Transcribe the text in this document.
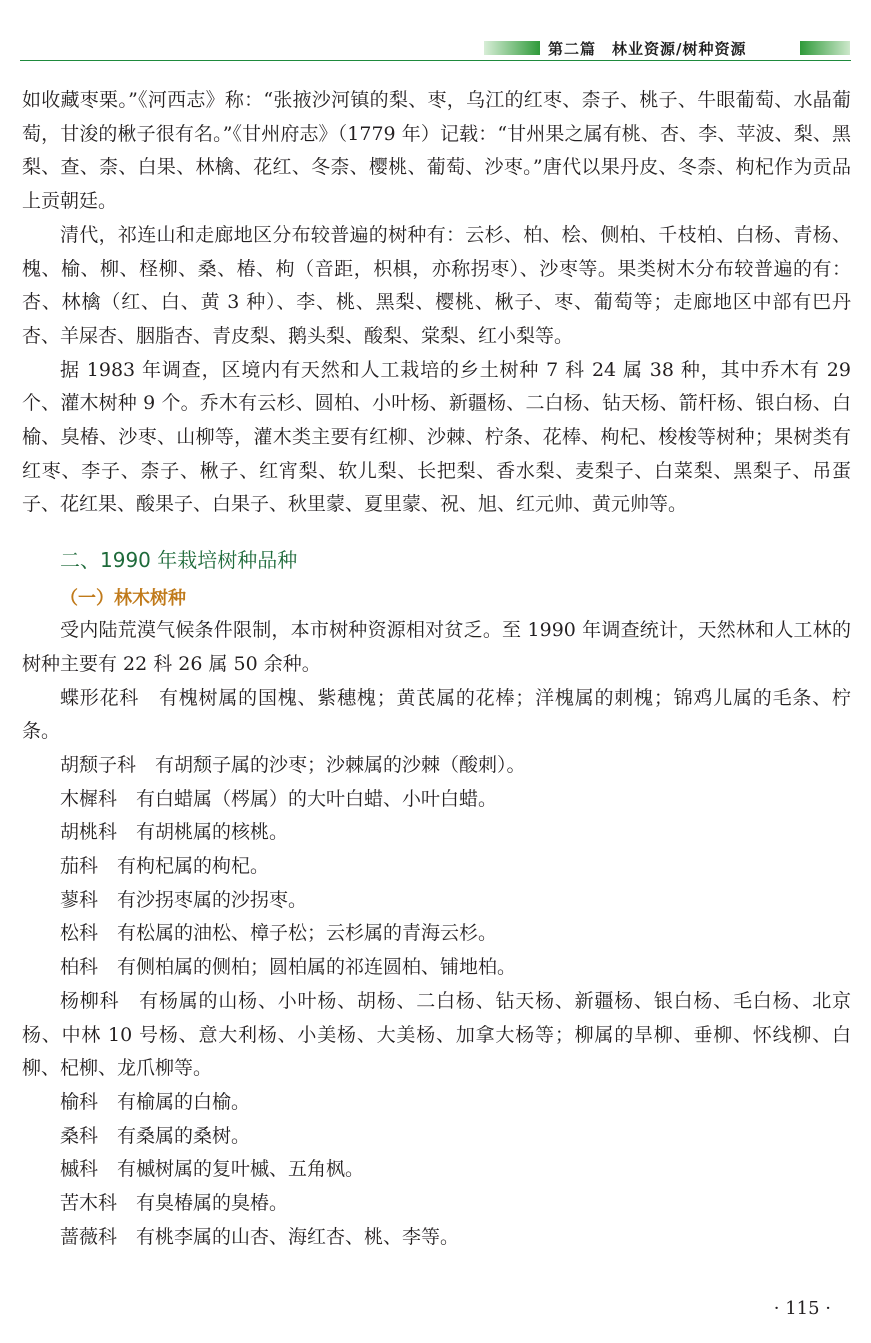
第二篇　林业资源/树种资源

如收藏枣栗。”《河西志》称：“张掖沙河镇的梨、枣，乌江的红枣、柰子、桃子、牛眼葡萄、水晶葡萄，甘浚的楸子很有名。”《甘州府志》（1779 年）记载：“甘州果之属有桃、杏、李、苹波、梨、黑梨、查、柰、白果、林檎、花红、冬柰、樱桃、葡萄、沙枣。”唐代以果丹皮、冬柰、枸杞作为贡品上贡朝廷。

清代，祁连山和走廊地区分布较普遍的树种有：云杉、柏、桧、侧柏、千枝柏、白杨、青杨、槐、榆、柳、柽柳、桑、椿、枸（音距，枳椇，亦称拐枣）、沙枣等。果类树木分布较普遍的有：杏、林檎（红、白、黄 3 种）、李、桃、黑梨、樱桃、楸子、枣、葡萄等；走廊地区中部有巴丹杏、羊屎杏、胭脂杏、青皮梨、鹅头梨、酸梨、棠梨、红小梨等。

据 1983 年调查，区境内有天然和人工栽培的乡土树种 7 科 24 属 38 种，其中乔木有 29 个、灌木树种 9 个。乔木有云杉、圆柏、小叶杨、新疆杨、二白杨、钻天杨、箭杆杨、银白杨、白榆、臭椿、沙枣、山柳等，灌木类主要有红柳、沙棘、柠条、花棒、枸杞、梭梭等树种；果树类有红枣、李子、柰子、楸子、红宵梨、软儿梨、长把梨、香水梨、麦梨子、白菜梨、黑梨子、吊蛋子、花红果、酸果子、白果子、秋里蒙、夏里蒙、祝、旭、红元帅、黄元帅等。

二、1990 年栽培树种品种
（一）林木树种

受内陆荒漠气候条件限制，本市树种资源相对贫乏。至 1990 年调查统计，天然林和人工林的树种主要有 22 科 26 属 50 余种。

蝶形花科　有槐树属的国槐、紫穗槐；黄芪属的花棒；洋槐属的刺槐；锦鸡儿属的毛条、柠条。

胡颓子科　有胡颓子属的沙枣；沙棘属的沙棘（酸刺）。

木樨科　有白蜡属（梣属）的大叶白蜡、小叶白蜡。

胡桃科　有胡桃属的核桃。

茄科　有枸杞属的枸杞。

蓼科　有沙拐枣属的沙拐枣。

松科　有松属的油松、樟子松；云杉属的青海云杉。

柏科　有侧柏属的侧柏；圆柏属的祁连圆柏、铺地柏。

杨柳科　有杨属的山杨、小叶杨、胡杨、二白杨、钻天杨、新疆杨、银白杨、毛白杨、北京杨、中林 10 号杨、意大利杨、小美杨、大美杨、加拿大杨等；柳属的旱柳、垂柳、怀线柳、白柳、杞柳、龙爪柳等。

榆科　有榆属的白榆。

桑科　有桑属的桑树。

槭科　有槭树属的复叶槭、五角枫。

苦木科　有臭椿属的臭椿。

蔷薇科　有桃李属的山杏、海红杏、桃、李等。

· 115 ·
